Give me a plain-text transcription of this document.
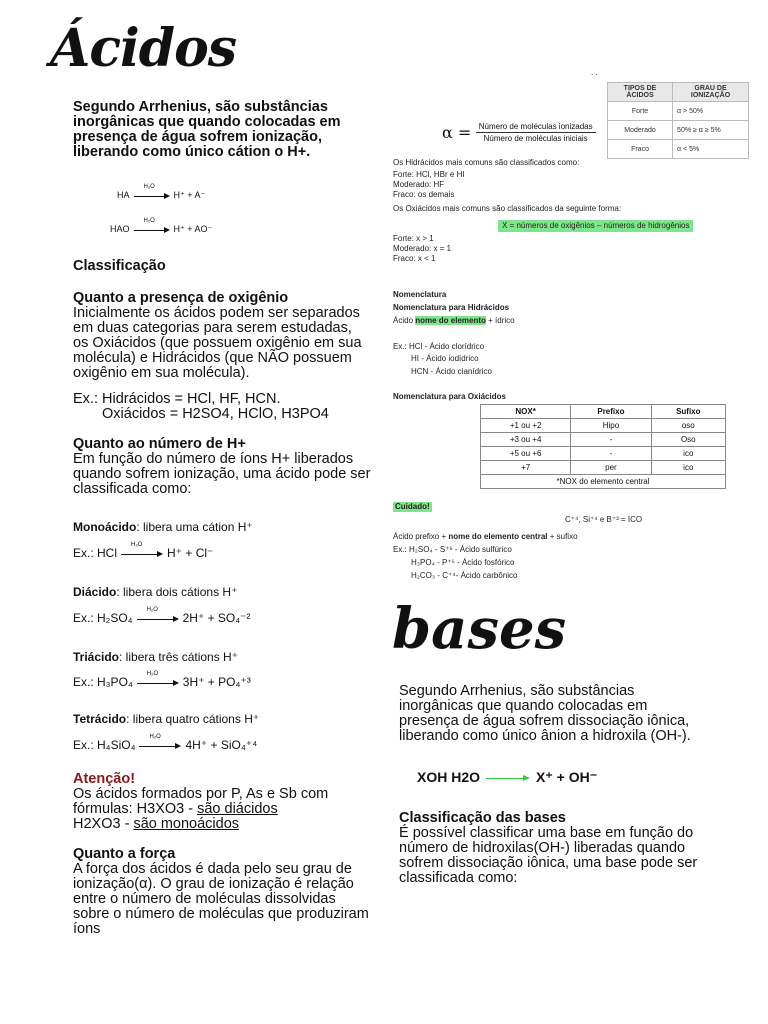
Ácidos
Segundo Arrhenius, são substâncias inorgânicas que quando colocadas em presença de água sofrem ionização, liberando como único cátion o H+.
HA
H₂O
H⁺ + A⁻
HAO
H₂O
H⁺ + AO⁻
Classificação
Quanto a presença de oxigênio
Inicialmente os ácidos podem ser separados em duas categorias para serem estudadas, os Oxiácidos (que possuem oxigênio em sua molécula) e Hidrácidos (que NÃO possuem oxigênio em sua molécula).
Ex.: Hidrácidos = HCl, HF, HCN.
Oxiácidos = H2SO4, HClO, H3PO4
Quanto ao número de H+
Em função do número de íons H+ liberados quando sofrem ionização, uma ácido pode ser classificada como:
Monoácido: libera uma cátion H⁺
Ex.: HCl
H₂O
H⁺ + Cl⁻
Diácido: libera dois cátions H⁺
Ex.: H₂SO₄
H₂O
2H⁺ + SO₄⁻²
Triácido: libera três cátions H⁺
Ex.: H₃PO₄
H₂O
3H⁺ + PO₄⁺³
Tetrácido: libera quatro cátions H⁺
Ex.: H₄SiO₄
H₂O
4H⁺ + SiO₄⁺⁴
Atenção!
Os ácidos formados por P, As e Sb com fórmulas: H3XO3 - são diácidos
H2XO3 - são monoácidos
Quanto a força
A força dos ácidos é dada pelo seu grau de ionização(α). O grau de ionização é relação entre o número de moléculas dissolvidas sobre o número de moléculas que produziram íons
. .
$\alpha = \frac{\text{Número de moléculas ionizadas}}{\text{Número de moléculas iniciais}}$
TIPOS DE ÁCIDOS	GRAU DE IONIZAÇÃO
Forte	α > 50%
Moderado	50% ≥ α ≥ 5%
Fraco	α < 5%
Os Hidrácidos mais comuns são classificados como:
Forte: HCl, HBr e HI
Moderado: HF
Fraco: os demais
Os Oxiácidos mais comuns são classificados da seguinte forma:
X = números de oxigênios – números de hidrogênios
Forte: x > 1
Moderado: x = 1
Fraco: x < 1
Nomenclatura
Nomenclatura para Hidrácidos
Ácido nome do elemento + ídrico
Ex.: HCl - Ácido clorídrico
HI - Ácido iodídrico
HCN - Ácido cianídrico
Nomenclatura para Oxiácidos
NOX*	Prefixo	Sufixo
+1 ou +2	Hipo	oso
+3 ou +4	-	Oso
+5 ou +6	-	ico
+7	per	ico
*NOX do elemento central		
Cuidado!
C⁺⁴, Si⁺⁴ e B⁺³ = ICO
Ácido prefixo + nome do elemento central + sufixo
Ex.: H₂SO₄ - S⁺⁶ - Ácido sulfúrico
H₃PO₄ - P⁺⁵ - Ácido fosfórico
H₂CO₃ - C⁺⁴- Ácido carbônico
bases
Segundo Arrhenius, são substâncias inorgânicas que quando colocadas em presença de água sofrem dissociação iônica, liberando como único ânion a hidroxila (OH-).
XOH H2O	X⁺ + OH⁻
Classificação das bases
É possível classificar uma base em função do número de hidroxilas(OH-) liberadas quando sofrem dissociação iônica, uma base pode ser classificada como:
